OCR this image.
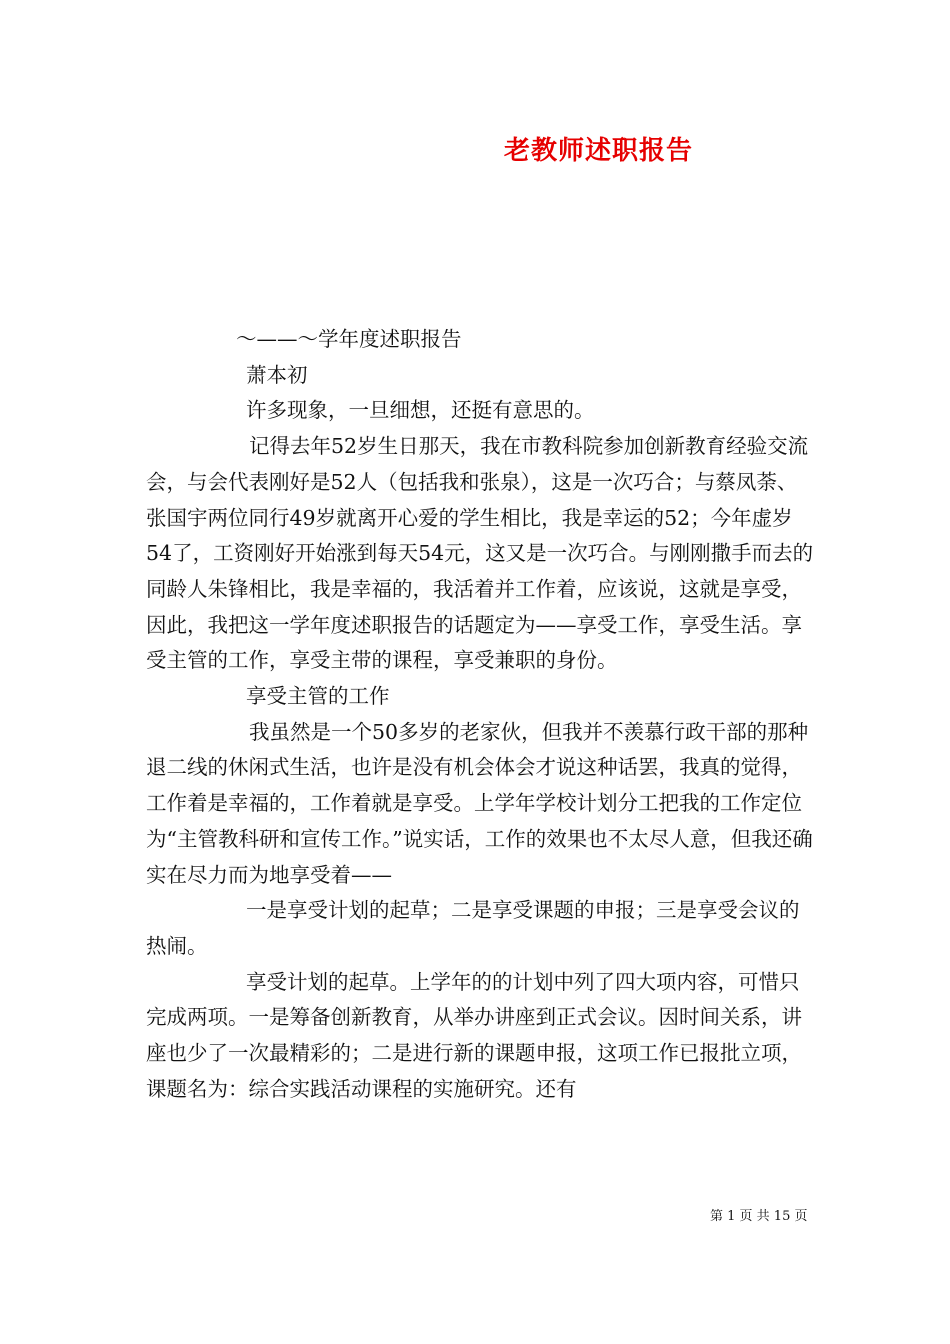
老教师述职报告

～——～学年度述职报告

萧本初

许多现象，一旦细想，还挺有意思的。

记得去年52岁生日那天，我在市教科院参加创新教育经验交流会，与会代表刚好是52人（包括我和张泉），这是一次巧合；与蔡凤荼、张国宇两位同行49岁就离开心爱的学生相比，我是幸运的52；今年虚岁54了，工资刚好开始涨到每天54元，这又是一次巧合。与刚刚撒手而去的同龄人朱锋相比，我是幸福的，我活着并工作着，应该说，这就是享受，因此，我把这一学年度述职报告的话题定为——享受工作，享受生活。享受主管的工作，享受主带的课程，享受兼职的身份。

享受主管的工作

我虽然是一个50多岁的老家伙，但我并不羡慕行政干部的那种退二线的休闲式生活，也许是没有机会体会才说这种话罢，我真的觉得，工作着是幸福的，工作着就是享受。上学年学校计划分工把我的工作定位为“主管教科研和宣传工作。”说实话，工作的效果也不太尽人意，但我还确实在尽力而为地享受着——

一是享受计划的起草；二是享受课题的申报；三是享受会议的热闹。

享受计划的起草。上学年的的计划中列了四大项内容，可惜只完成两项。一是筹备创新教育，从举办讲座到正式会议。因时间关系，讲座也少了一次最精彩的；二是进行新的课题申报，这项工作已报批立项，课题名为：综合实践活动课程的实施研究。还有

第 1 页 共 15 页
